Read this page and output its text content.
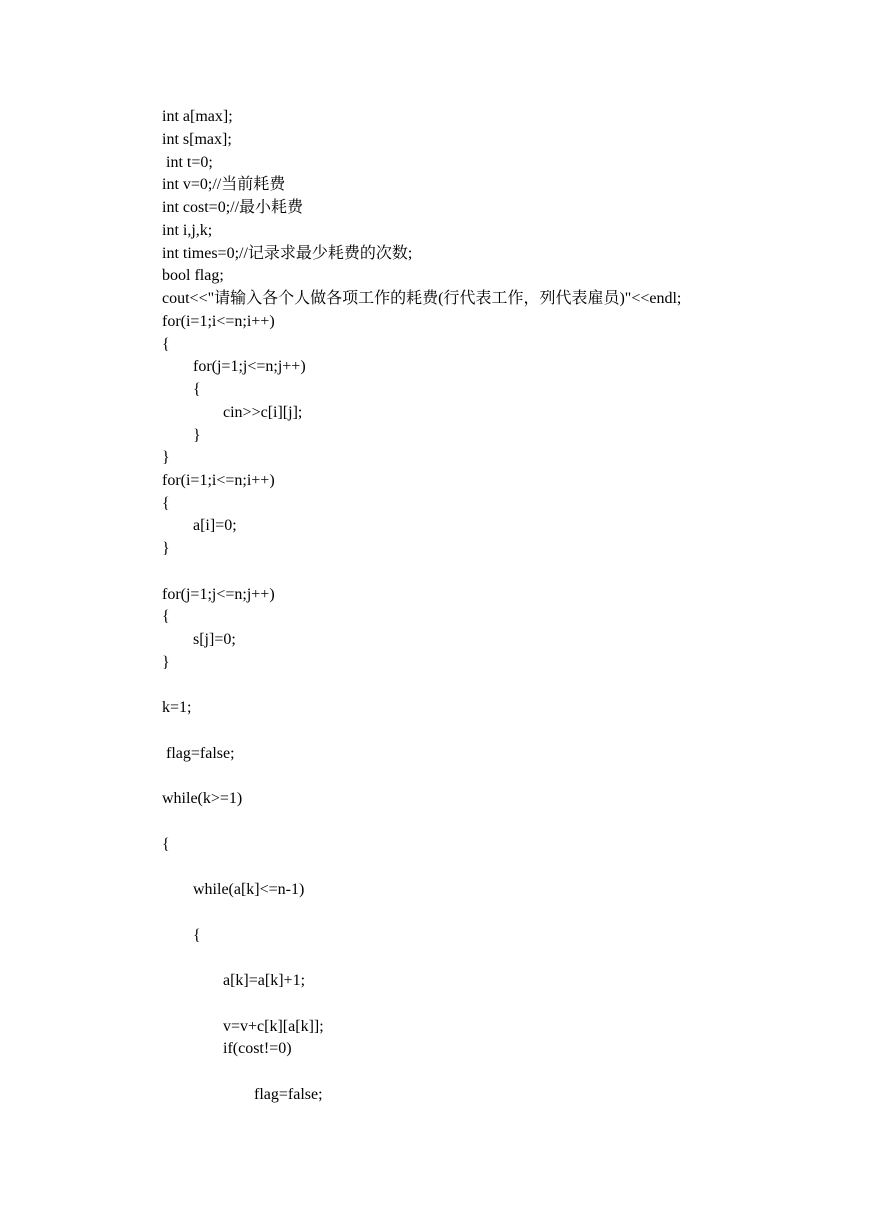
int a[max];
int s[max];
int t=0;
int v=0;//当前耗费
int cost=0;//最小耗费
int i,j,k;
int times=0;//记录求最少耗费的次数;
bool flag;
cout<<"请输入各个人做各项工作的耗费(行代表工作，列代表雇员)"<<endl;
for(i=1;i<=n;i++)
{
for(j=1;j<=n;j++)
{
cin>>c[i][j];
}
}
for(i=1;i<=n;i++)
{
a[i]=0;
}
for(j=1;j<=n;j++)
{
s[j]=0;
}
k=1;
flag=false;
while(k>=1)
{
while(a[k]<=n-1)
{
a[k]=a[k]+1;
v=v+c[k][a[k]];
if(cost!=0)
flag=false;
